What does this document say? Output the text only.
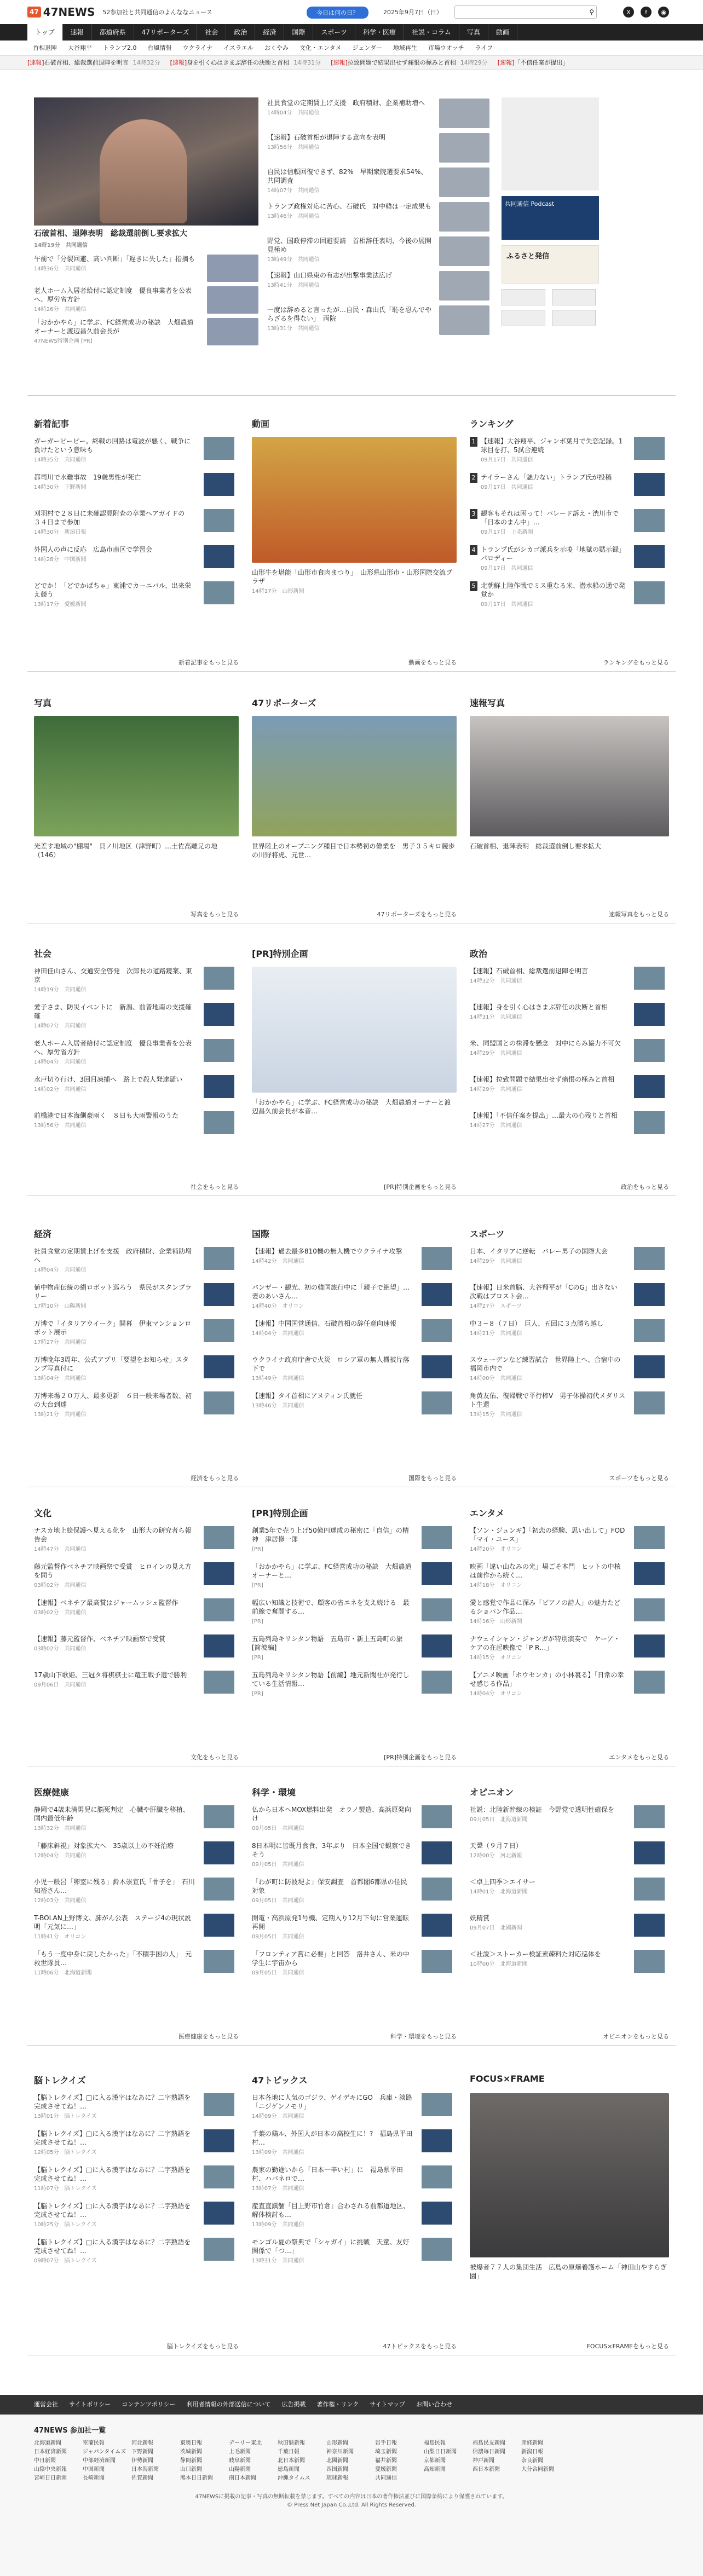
47 47NEWS 52参加社と共同通信のよんななニュース	今日は何の日？	2025年9月7日（日）	⚲	X	f	◉
トップ	速報	都道府県	47リポーターズ	社会	政治	経済	国際	スポーツ	科学・医療	社説・コラム	写真	動画
首相退陣	大谷翔平	トランプ2.0	台風情報	ウクライナ	イスラエル	おくやみ	文化・エンタメ	ジェンダー	地域再生	市場ウオッチ	ライフ
[速報]石破首相、総裁選前退陣を明言 14時32分 [速報]身を引く心はきまぶ辞任の決断と首相 14時31分 [速報]拉致問題で結果出せず痛恨の極みと首相 14時29分 [速報]「不信任案が提出」
石破首相、退陣表明　総裁選前倒し要求拡大
14時19分　共同通信
午前で「分裂回避、高い判断」「遅きに失した」指摘も
14時36分　共同通信
老人ホーム入居者給付に認定制度　優良事業者を公表へ、厚労省方針
14時26分　共同通信
「おかかやら」に学ぶ、FC経営成功の秘訣　大畑農道オーナーと渡辺昌久前会長が
47NEWS特別企画 [PR]
社員食堂の定期賃上げ支援　政府積財、企業補助増へ
14時04分　共同通信
【速報】石破首相が退陣する意向を表明
13時56分　共同通信
自民は信頼回復できず、82%　早期衆院選要求54%、共同調査
14時07分　共同通信
トランプ政権対応に苦心、石破氏　対中韓は一定成果も
13時46分　共同通信
野党、国政停滞の回避要請　首相辞任表明、今後の展開見極め
13時49分　共同通信
【速報】山口県東の有志が出撃事業法広げ
13時41分　共同通信
一度は辞めると言ったが…自民・森山氏「恥を忍んでやらざるを得ない」　両院
13時31分　共同通信
共同通信 Podcast
ふるさと発信
新着記事
ガーガーピーピー。終戦の回路は電波が悪く、戦争に負けたという意味も
14時35分　共同通信
都司川で水難事故　19歳男性が死亡
14時30分　下野新聞
刈羽村で２８日に未確認見附査の卒業ヘアガイドの　３４日まで参加
14時30分　新潟日報
外国人の声に反応　広島市南区で学習会
14時28分　中国新聞
どでか！「どでかぱちゃ」東浦でカーニバル、出来栄え競う
13時17分　愛媛新聞
新着記事をもっと見る
動画
山形牛を堪能「山形市食肉まつり」　山形県山形市・山形国際交流プラザ
14時17分　山形新聞
動画をもっと見る
ランキング
【速報】大谷翔平、ジャンボ葉月で失恋記録。1球目を打、5試合連続
09月17日　共同通信
1
テイラーさん「魅力ない」トランプ氏が投稿
09月17日　共同通信
2
観客もそれは困って！パレード訴え・渋川市で「日本のまん中」…
09月17日　上毛新聞
3
トランプ氏がシカゴ派兵を示唆「地獄の黙示録」パロディー
09月17日　共同通信
4
北朝鮮上陸作戦でミス重なる米、潜水船の通で発覚か
09月17日　共同通信
5
ランキングをもっと見る
写真
光差す地域の"棚場"　貝ノ川地区（津野町）…土佐高離兄の地（146）
写真をもっと見る
47リポーターズ
世界陸上のオープニング種目で日本勢初の偉業を　男子３５キロ競歩の川野将虎、元世…
47リポーターズをもっと見る
速報写真
石破首相、退陣表明　総裁選前倒し要求拡大
速報写真をもっと見る
社会
神田佳山さん、交通安全啓発　次郎長の道路鏡案、東京
14時19分　共同通信
愛子さま、防災イベントに　新潟、前普地南の支援確確
14時07分　共同通信
老人ホーム入居者給付に認定制度　優良事業者を公表へ、厚労省方針
14時04分　共同通信
水戸切り行け、3回目凍捕へ　路上で殺人発達疑い
14時02分　共同通信
前橋港で日本海側豪雨く　８日も大雨警報のうた
13時56分　共同通信
社会をもっと見る
[PR]特別企画
「おかかやら」に学ぶ、FC経営成功の秘訣　大畑農道オーナーと渡辺昌久前会長が本音…
[PR]特別企画をもっと見る
政治
【速報】石破首相、総裁選前退陣を明言
14時32分　共同通信
【速報】身を引く心はきまぶ辞任の決断と首相
14時31分　共同通信
米、同盟国との株滞を懸念　対中にらみ協力不可欠
14時29分　共同通信
【速報】拉致問題で結果出せず痛恨の極みと首相
14時29分　共同通信
【速報】「不信任案を提出」…最大の心残りと首相
14時27分　共同通信
政治をもっと見る
経済
社員食堂の定期賃上げを支援　政府積財、企業補助増へ
14時04分　共同通信
値中物産伝統の絹ロボット巡ろう　県民がスタンプラリー
17時10分　山陽新聞
万博で「イタリアウイーク」開幕　伊東マンションロボット展示
17時27分　共同通信
万博晩年3周年、公式アプリ「要望をお知らせ」スタンプ写真付に
13時04分　共同通信
万博来場２０万人、最多更新　６日一般来場者数、初の大台到達
13時21分　共同通信
経済をもっと見る
国際
【速報】過去最多810機の無人機でウクライナ攻撃
14時42分　共同通信
バンザー・観光、初の韓国旅行中に「親子で絶望」…妻のあいさん…
14時40分　オリコン
【速報】中国国営通信、石破首相の辞任意向速報
14時04分　共同通信
ウクライナ政府庁舎で火災　ロシア軍の無人機被片落下で
13時49分　共同通信
【速報】タイ首相にアヌティン氏就任
13時46分　共同通信
国際をもっと見る
スポーツ
日本、イタリアに逆転　バレー男子の国際大会
14時29分　共同通信
【速報】日米首脳、大谷翔平が「CのG」出さない　次戦はプロスト会…
14時27分　スポーツ
中３−８（７日）　巨人、五回に３点勝ち越し
14時21分　共同通信
スウェーデンなど練習試合　世界陸上へ、合宿中の福岡市内で
14時00分　共同通信
角黄友佑、復帰戦で平行棒V　男子体操初代メダリスト生還
13時15分　共同通信
スポーツをもっと見る
文化
ナスカ地上絵保護へ見える化を　山形大の研究者ら報告会
14時47分　共同通信
藤元監督作ベネチア映画祭で受賞　ヒロインの見え方を問う
03時02分　共同通信
【速報】ベネチア最高賞はジャームッシュ監督作
03時02分　共同通信
【速報】藤元監督作、ベネチア映画祭で受賞
03時02分　共同通信
17歳山下歌姫、三冠タ将棋棋士に竜王戦予選で勝利
09月06日　共同通信
文化をもっと見る
[PR]特別企画
創業5年で売り上げ50億円達成の秘密に「自信」の精神　津居修一郎
[PR]
「おかかやら」に学ぶ、FC経営成功の秘訣　大畑農道オーナーと…
[PR]
幅広い知識と技術で、顧客の省エネを支え続ける　最前線で奮闘する…
[PR]
五島列島キリシタン物語　五島市・新上五島町の旅　[简波編]
[PR]
五島列島キリシタン物語【前編】地元新聞社が発行している生活情報…
[PR]
[PR]特別企画をもっと見る
エンタメ
【ソン・ジュンギ】「初恋の経験、思い出して」FOD「マイ・ユース」
14時20分　オリコン
映画「違い山なみの光」場ごそ本門　ヒットの中核は前作から続く…
14時18分　オリコン
愛と感覚で作品に深み「ピアノの詩人」の魅力たどるショパン作品…
14時16分　山形新聞
ナウェイシャン・ジャンガが特別演奏で　ケーア・ケアの在起映像で「P R…」
14時15分　オリコン
【アニメ映画「ホウセンカ」の小林裏る】「日常の幸せ感じる作品」
14時04分　オリコン
エンタメをもっと見る
医療健康
静岡で4歳未満男児に脳死判定　心臓や肝臓を移植、国内最低年齢
13時32分　共同通信
「藤床斜視」対象拡大へ　35歳以上の不妊治療
12時04分　共同通信
小児一般呂「卵室に残る」鈴木崇宣氏「骨子を」　石川知裕さん…
12時03分　共同通信
T-BOLAN上野博文、肺がん公表　ステージ4の現状説明「元気に…」
11時41分　オリコン
「もう一度中身に戻したかった」「不積手困の人」　元救世隊員…
11時06分　北海道新聞
医療健康をもっと見る
科学・環境
仏から日本へMOX燃料出発　オラノ製造、高浜原発向け
09月05日　共同通信
8日本明に皆既月食食、3年ぶり　日本全国で観察できそう
09月05日　共同通信
「わが町に防波堤よ」保安調査　首都閣6都県の住民対象
09月05日　共同通信
開電・高浜原発1号機、定期入り12月下旬に営業運転再開
09月05日　共同通信
「フロンティア賞に必要」と回答　洛井さん、米の中学生に宇宙から
09月05日　共同通信
科学・環境をもっと見る
オピニオン
社説：北陸新幹線の検証　今野党で透明性確保を
09月05日　北海道新聞
天聲（９月７日）
12時00分　河北新報
＜卓上四季＞エイサー
14時01分　北海道新聞
妖精賞
09月07日　北國新聞
＜社説＞ストーカー検証素疎料た対応巡体を
10時00分　北海道新聞
オピニオンをもっと見る
脳トレクイズ
【脳トレクイズ】□に入る漢字はなあに？二字熟語を完成させてね！…
13時01分　脳トレクイズ
【脳トレクイズ】□に入る漢字はなあに？二字熟語を完成させてね！…
12時05分　脳トレクイズ
【脳トレクイズ】□に入る漢字はなあに？二字熟語を完成させてね！…
11時07分　脳トレクイズ
【脳トレクイズ】□に入る漢字はなあに？二字熟語を完成させてね！…
10時25分　脳トレクイズ
【脳トレクイズ】□に入る漢字はなあに？二字熟語を完成させてね！…
09時07分　脳トレクイズ
脳トレクイズをもっと見る
47トピックス
日本各地に人気のゴジラ、ゲイデキにGO　兵庫・淡路「ニジゲンノモリ」
14時09分　共同通信
千葉の鶏ル、外国人が日本の高校生に！?　福島県平田村…
13時09分　共同通信
農家の勤途いから「日本一辛い村」に　福島県平田村、ハバネロで…
13時07分　共同通信
産直直鎮舗「目上野市竹倉」合わされる前都道地区、解体検討も…
13時09分　共同通信
モンゴル夏の祭典で「シャガイ」に挑戦　天童、友好関係で「つ…」
13時31分　共同通信
47トピックスをもっと見る
FOCUS×FRAME
被爆者７７人の集団生活　広島の原爆養護ホーム「神田山やすらぎ園」
FOCUS×FRAMEをもっと見る
運営会社 サイトポリシー コンテンツポリシー 利用者情報の外部送信について 広告掲載 著作権・リンク サイトマップ お問い合わせ
47NEWS 参加社一覧
北海道新聞	室蘭民報	河北新報	東奥日報	デーリー東北	秋田魁新報	山形新聞	岩手日報	福島民報	福島民友新聞	産経新聞
日本経済新聞	ジャパンタイムズ 下野新聞	茨城新聞	上毛新聞	千葉日報	神奈川新聞	埼玉新聞	山梨日日新聞	信濃毎日新聞	新潟日報
中日新聞	中部経済新聞	伊勢新聞	静岡新聞	岐阜新聞	北日本新聞	北國新聞	福井新聞	京都新聞	神戸新聞	奈良新聞
山陰中央新報	中国新聞	日本海新聞	山口新聞	山陽新聞	徳島新聞	四国新聞	愛媛新聞	高知新聞	西日本新聞	大分合同新聞
宮崎日日新聞	長崎新聞	佐賀新聞	熊本日日新聞	南日本新聞	沖縄タイムス	琉球新報	共同通信
47NEWSに掲載の記事・写真の無断転載を禁じます。すべての内容は日本の著作権法並びに国際条約により保護されています。
© Press Net Japan Co.,Ltd. All Rights Reserved.
